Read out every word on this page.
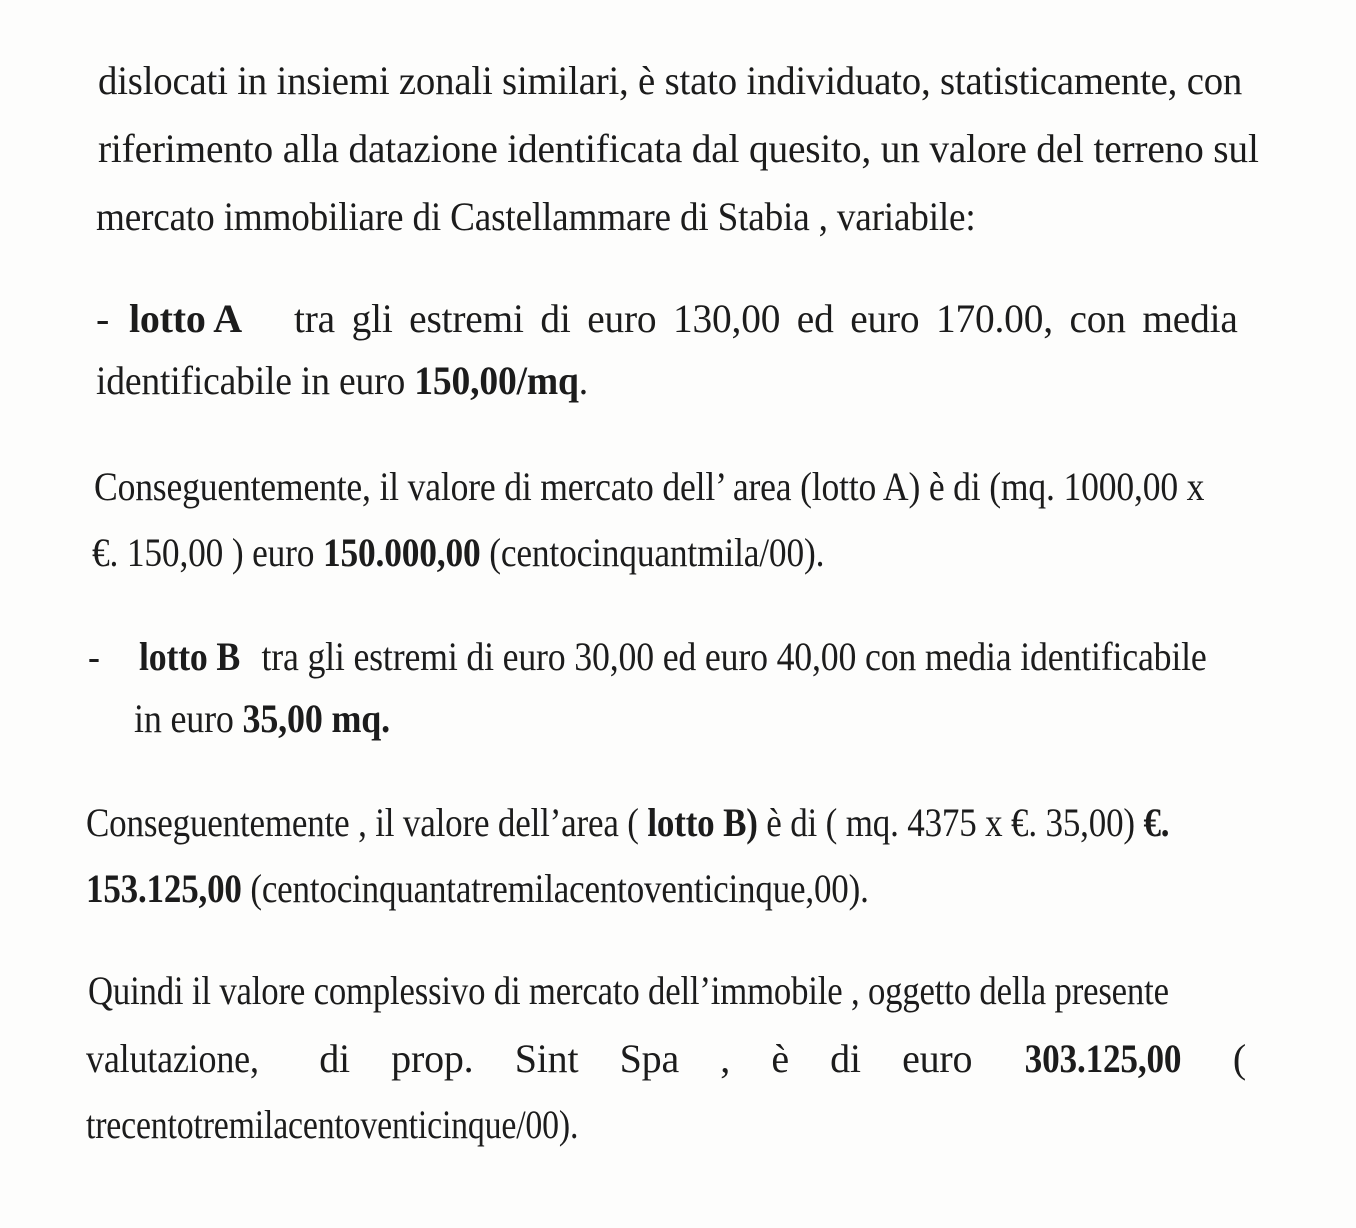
dislocati in insiemi zonali similari, è stato individuato, statisticamente, con
riferimento alla datazione identificata dal quesito, un valore del terreno sul
mercato immobiliare di Castellammare di Stabia , variabile:
- lotto A tra gli estremi di euro 130,00 ed euro 170.00, con media
identificabile in euro 150,00/mq.
Conseguentemente, il valore di mercato dell’ area (lotto A) è di (mq. 1000,00 x
€. 150,00 ) euro 150.000,00 (centocinquantmila/00).
- lotto B tra gli estremi di euro 30,00 ed euro 40,00 con media identificabile
in euro 35,00 mq.
Conseguentemente , il valore dell’area ( lotto B) è di ( mq. 4375 x €. 35,00) €.
153.125,00 (centocinquantatremilacentoventicinque,00).
Quindi il valore complessivo di mercato dell’immobile , oggetto della presente
valutazione, di prop. Sint Spa , è di euro 303.125,00 (
trecentotremilacentoventicinque/00).
